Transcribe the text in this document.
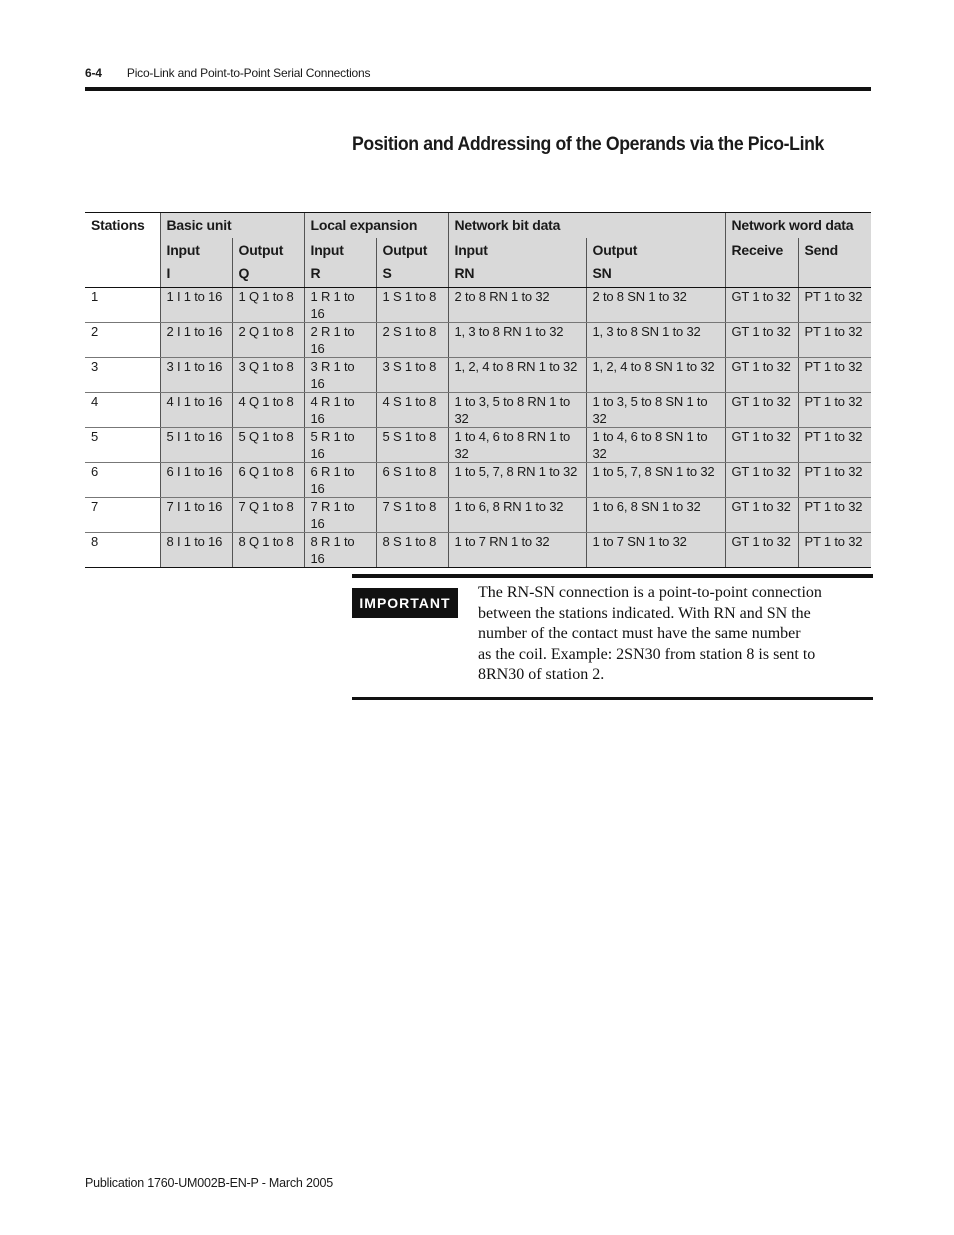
6-4 Pico-Link and Point-to-Point Serial Connections
Position and Addressing of the Operands via the Pico-Link
Stations	Basic unit		Local expansion		Network bit data		Network word data	
	Input	Output	Input	Output	Input	Output	Receive	Send
	I	Q	R	S	RN	SN		
1	1 I 1 to 16	1 Q 1 to 8	1 R 1 to 16	1 S 1 to 8	2 to 8 RN 1 to 32	2 to 8 SN 1 to 32	GT 1 to 32	PT 1 to 32
2	2 I 1 to 16	2 Q 1 to 8	2 R 1 to 16	2 S 1 to 8	1, 3 to 8 RN 1 to 32	1, 3 to 8 SN 1 to 32	GT 1 to 32	PT 1 to 32
3	3 I 1 to 16	3 Q 1 to 8	3 R 1 to 16	3 S 1 to 8	1, 2, 4 to 8 RN 1 to 32	1, 2, 4 to 8 SN 1 to 32	GT 1 to 32	PT 1 to 32
4	4 I 1 to 16	4 Q 1 to 8	4 R 1 to 16	4 S 1 to 8	1 to 3, 5 to 8 RN 1 to 32	1 to 3, 5 to 8 SN 1 to 32	GT 1 to 32	PT 1 to 32
5	5 I 1 to 16	5 Q 1 to 8	5 R 1 to 16	5 S 1 to 8	1 to 4, 6 to 8 RN 1 to 32	1 to 4, 6 to 8 SN 1 to 32	GT 1 to 32	PT 1 to 32
6	6 I 1 to 16	6 Q 1 to 8	6 R 1 to 16	6 S 1 to 8	1 to 5, 7, 8 RN 1 to 32	1 to 5, 7, 8 SN 1 to 32	GT 1 to 32	PT 1 to 32
7	7 I 1 to 16	7 Q 1 to 8	7 R 1 to 16	7 S 1 to 8	1 to 6, 8 RN 1 to 32	1 to 6, 8 SN 1 to 32	GT 1 to 32	PT 1 to 32
8	8 I 1 to 16	8 Q 1 to 8	8 R 1 to 16	8 S 1 to 8	1 to 7 RN 1 to 32	1 to 7 SN 1 to 32	GT 1 to 32	PT 1 to 32
IMPORTANT
The RN-SN connection is a point-to-point connection
between the stations indicated. With RN and SN the
number of the contact must have the same number
as the coil. Example: 2SN30 from station 8 is sent to
8RN30 of station 2.
Publication 1760-UM002B-EN-P - March 2005
